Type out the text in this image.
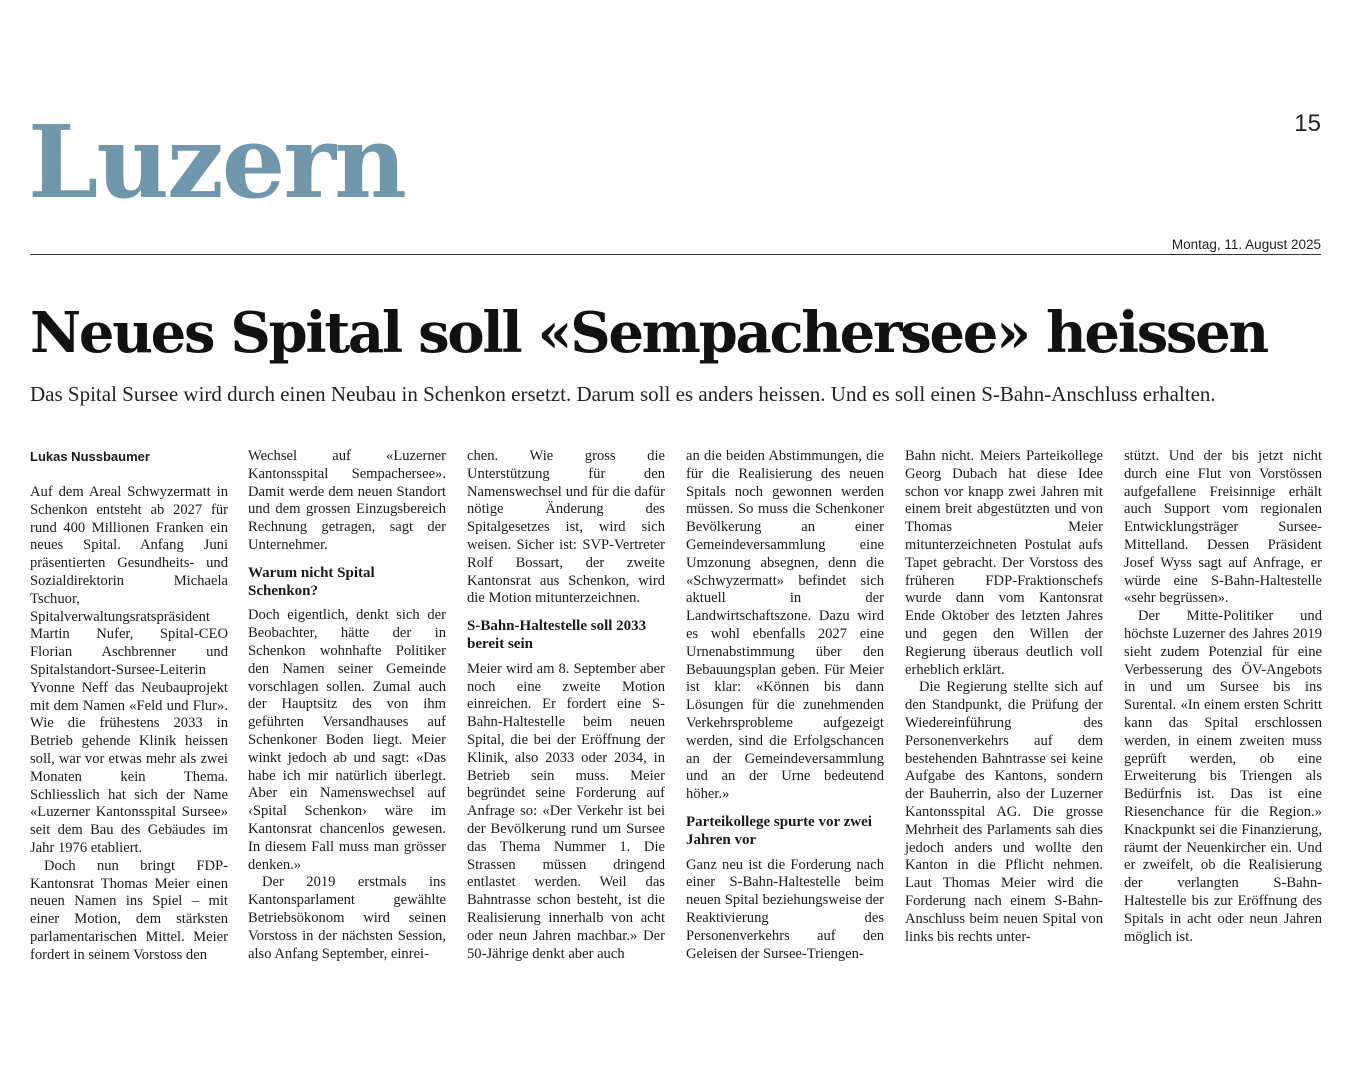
15
Luzern
Montag, 11. August 2025
Neues Spital soll «Sempachersee» heissen
Das Spital Sursee wird durch einen Neubau in Schenkon ersetzt. Darum soll es anders heissen. Und es soll einen S-Bahn-Anschluss erhalten.
Lukas Nussbaumer

Auf dem Areal Schwyzermatt in Schenkon entsteht ab 2027 für rund 400 Millionen Franken ein neues Spital. Anfang Juni präsentierten Gesundheits- und Sozialdirektorin Michaela Tschuor, Spitalverwaltungsratspräsident Martin Nufer, Spital-CEO Florian Aschbrenner und Spitalstandort-Sursee-Leiterin Yvonne Neff das Neubauprojekt mit dem Namen «Feld und Flur». Wie die frühestens 2033 in Betrieb gehende Klinik heissen soll, war vor etwas mehr als zwei Monaten kein Thema. Schliesslich hat sich der Name «Luzerner Kantonsspital Sursee» seit dem Bau des Gebäudes im Jahr 1976 etabliert.

Doch nun bringt FDP-Kantonsrat Thomas Meier einen neuen Namen ins Spiel – mit einer Motion, dem stärksten parlamentarischen Mittel. Meier fordert in seinem Vorstoss den

Wechsel auf «Luzerner Kantonsspital Sempachersee». Damit werde dem neuen Standort und dem grossen Einzugsbereich Rechnung getragen, sagt der Unternehmer.

Warum nicht Spital Schenkon?

Doch eigentlich, denkt sich der Beobachter, hätte der in Schenkon wohnhafte Politiker den Namen seiner Gemeinde vorschlagen sollen. Zumal auch der Hauptsitz des von ihm geführten Versandhauses auf Schenkoner Boden liegt. Meier winkt jedoch ab und sagt: «Das habe ich mir natürlich überlegt. Aber ein Namenswechsel auf ‹Spital Schenkon› wäre im Kantonsrat chancenlos gewesen. In diesem Fall muss man grösser denken.»

Der 2019 erstmals ins Kantonsparlament gewählte Betriebsökonom wird seinen Vorstoss in der nächsten Session, also Anfang September, einrei-

chen. Wie gross die Unterstützung für den Namenswechsel und für die dafür nötige Änderung des Spitalgesetzes ist, wird sich weisen. Sicher ist: SVP-Vertreter Rolf Bossart, der zweite Kantonsrat aus Schenkon, wird die Motion mitunterzeichnen.

S-Bahn-Haltestelle soll 2033 bereit sein

Meier wird am 8. September aber noch eine zweite Motion einreichen. Er fordert eine S-Bahn-Haltestelle beim neuen Spital, die bei der Eröffnung der Klinik, also 2033 oder 2034, in Betrieb sein muss. Meier begründet seine Forderung auf Anfrage so: «Der Verkehr ist bei der Bevölkerung rund um Sursee das Thema Nummer 1. Die Strassen müssen dringend entlastet werden. Weil das Bahntrasse schon besteht, ist die Realisierung innerhalb von acht oder neun Jahren machbar.» Der 50-Jährige denkt aber auch

an die beiden Abstimmungen, die für die Realisierung des neuen Spitals noch gewonnen werden müssen. So muss die Schenkoner Bevölkerung an einer Gemeindeversammlung eine Umzonung absegnen, denn die «Schwyzermatt» befindet sich aktuell in der Landwirtschaftszone. Dazu wird es wohl ebenfalls 2027 eine Urnenabstimmung über den Bebauungsplan geben. Für Meier ist klar: «Können bis dann Lösungen für die zunehmenden Verkehrsprobleme aufgezeigt werden, sind die Erfolgschancen an der Gemeindeversammlung und an der Urne bedeutend höher.»

Parteikollege spurte vor zwei Jahren vor

Ganz neu ist die Forderung nach einer S-Bahn-Haltestelle beim neuen Spital beziehungsweise der Reaktivierung des Personenverkehrs auf den Geleisen der Sursee-Triengen-

Bahn nicht. Meiers Parteikollege Georg Dubach hat diese Idee schon vor knapp zwei Jahren mit einem breit abgestützten und von Thomas Meier mitunterzeichneten Postulat aufs Tapet gebracht. Der Vorstoss des früheren FDP-Fraktionschefs wurde dann vom Kantonsrat Ende Oktober des letzten Jahres und gegen den Willen der Regierung überaus deutlich voll erheblich erklärt.

Die Regierung stellte sich auf den Standpunkt, die Prüfung der Wiedereinführung des Personenverkehrs auf dem bestehenden Bahntrasse sei keine Aufgabe des Kantons, sondern der Bauherrin, also der Luzerner Kantonsspital AG. Die grosse Mehrheit des Parlaments sah dies jedoch anders und wollte den Kanton in die Pflicht nehmen. Laut Thomas Meier wird die Forderung nach einem S-Bahn-Anschluss beim neuen Spital von links bis rechts unter-

stützt. Und der bis jetzt nicht durch eine Flut von Vorstössen aufgefallene Freisinnige erhält auch Support vom regionalen Entwicklungsträger Sursee-Mittelland. Dessen Präsident Josef Wyss sagt auf Anfrage, er würde eine S-Bahn-Haltestelle «sehr begrüssen».

Der Mitte-Politiker und höchste Luzerner des Jahres 2019 sieht zudem Potenzial für eine Verbesserung des ÖV-Angebots in und um Sursee bis ins Surental. «In einem ersten Schritt kann das Spital erschlossen werden, in einem zweiten muss geprüft werden, ob eine Erweiterung bis Triengen als Bedürfnis ist. Das ist eine Riesenchance für die Region.» Knackpunkt sei die Finanzierung, räumt der Neuenkircher ein. Und er zweifelt, ob die Realisierung der verlangten S-Bahn-Haltestelle bis zur Eröffnung des Spitals in acht oder neun Jahren möglich ist.
